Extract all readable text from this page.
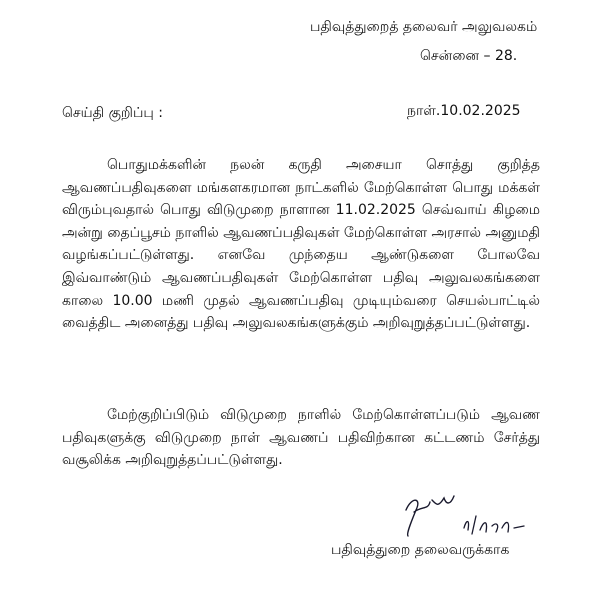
பதிவுத்துறைத் தலைவர் அலுவலகம்
சென்னை – 28.
செய்தி குறிப்பு :	நாள்.10.02.2025
பொதுமக்களின் நலன் கருதி அசையா சொத்து குறித்த ஆவணப்பதிவுகளை மங்களகரமான நாட்களில் மேற்கொள்ள பொது மக்கள் விரும்புவதால் பொது விடுமுறை நாளான 11.02.2025 செவ்வாய் கிழமை அன்று தைப்பூசம் நாளில் ஆவணப்பதிவுகள் மேற்கொள்ள அரசால் அனுமதி வழங்கப்பட்டுள்ளது. எனவே முந்தைய ஆண்டுகளை போலவே இவ்வாண்டும் ஆவணப்பதிவுகள் மேற்கொள்ள பதிவு அலுவலகங்களை காலை 10.00 மணி முதல் ஆவணப்பதிவு முடியும்வரை செயல்பாட்டில் வைத்திட அனைத்து பதிவு அலுவலகங்களுக்கும் அறிவுறுத்தப்பட்டுள்ளது.
மேற்குறிப்பிடும் விடுமுறை நாளில் மேற்கொள்ளப்படும் ஆவண பதிவுகளுக்கு விடுமுறை நாள் ஆவணப் பதிவிற்கான கட்டணம் சேர்த்து வசூலிக்க அறிவுறுத்தப்பட்டுள்ளது.
பதிவுத்துறை தலைவருக்காக
